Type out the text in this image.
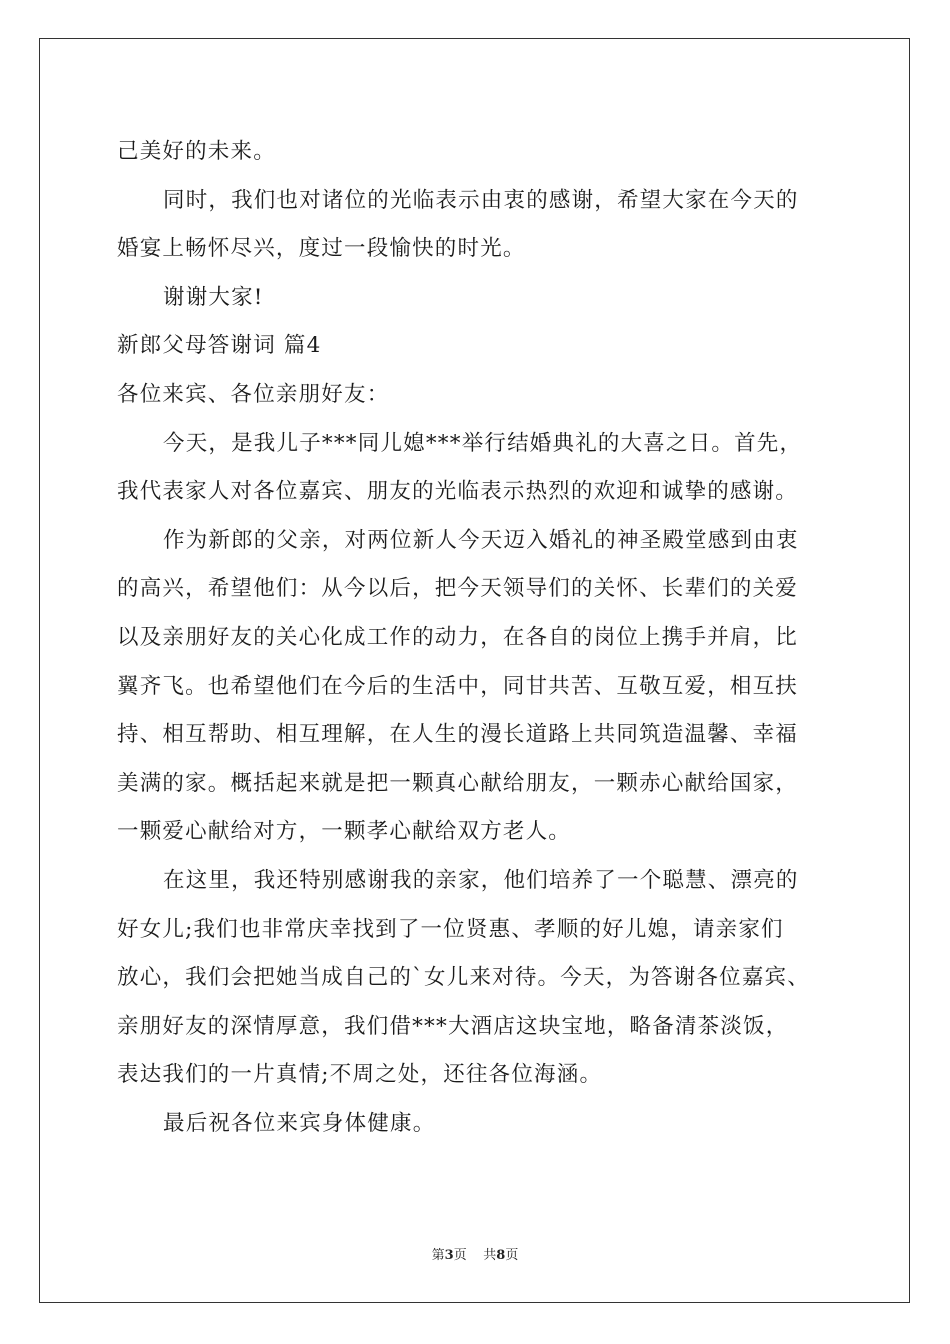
己美好的未来。
同时，我们也对诸位的光临表示由衷的感谢，希望大家在今天的
婚宴上畅怀尽兴，度过一段愉快的时光。
谢谢大家!
新郎父母答谢词 篇4
各位来宾、各位亲朋好友：
今天，是我儿子***同儿媳***举行结婚典礼的大喜之日。首先，
我代表家人对各位嘉宾、朋友的光临表示热烈的欢迎和诚挚的感谢。
作为新郎的父亲，对两位新人今天迈入婚礼的神圣殿堂感到由衷
的高兴，希望他们：从今以后，把今天领导们的关怀、长辈们的关爱
以及亲朋好友的关心化成工作的动力，在各自的岗位上携手并肩，比
翼齐飞。也希望他们在今后的生活中，同甘共苦、互敬互爱，相互扶
持、相互帮助、相互理解，在人生的漫长道路上共同筑造温馨、幸福
美满的家。概括起来就是把一颗真心献给朋友，一颗赤心献给国家，
一颗爱心献给对方，一颗孝心献给双方老人。
在这里，我还特别感谢我的亲家，他们培养了一个聪慧、漂亮的
好女儿;我们也非常庆幸找到了一位贤惠、孝顺的好儿媳，请亲家们
放心，我们会把她当成自己的`女儿来对待。今天，为答谢各位嘉宾、
亲朋好友的深情厚意，我们借***大酒店这块宝地，略备清茶淡饭，
表达我们的一片真情;不周之处，还往各位海涵。
最后祝各位来宾身体健康。
第3页 共8页
